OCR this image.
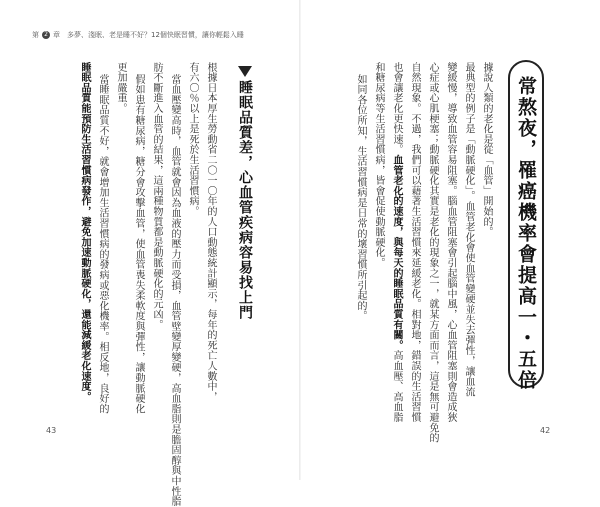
第 2 章 多夢、淺眠、老是睡不好？12個快眠習慣，讓你輕鬆入睡
常熬夜，罹癌機率會提高一・五倍
據說人類的老化是從「血管」開始的。
最典型的例子是「動脈硬化」。血管老化會使血管變硬並失去彈性，讓血流
變緩慢，導致血管容易阻塞。腦血管阻塞會引起腦中風，心血管阻塞則會造成狹
心症或心肌梗塞；動脈硬化其實是老化的現象之一，就某方面而言，這是無可避免的
自然現象。不過，我們可以藉著生活習慣來延緩老化。相對地，錯誤的生活習慣
也會讓老化更快速。血管老化的速度，與每天的睡眠品質有關。高血壓、高血脂
和糖尿病等生活習慣病，皆會促使動脈硬化。
如同各位所知，生活習慣病是日常的壞習慣所引起的。
睡眠品質差，心血管疾病容易找上門
根據日本厚生勞動省二〇一〇年的人口動態統計顯示，每年的死亡人數中，
有六〇％以上是死於生活習慣病。
當血壓變高時，血管就會因為血液的壓力而受損，血管壁變厚變硬，高血脂則是膽固醇與中性脂
肪不斷進入血管的結果，這兩種物質都是動脈硬化的元凶。
假如患有糖尿病，糖分會攻擊血管，使血管喪失柔軟度與彈性，讓動脈硬化
更加嚴重。
當睡眠品質不好，就會增加生活習慣病的發病或惡化機率。相反地，良好的
睡眠品質能預防生活習慣病發作，避免加速動脈硬化，還能減緩老化速度。
43	42
